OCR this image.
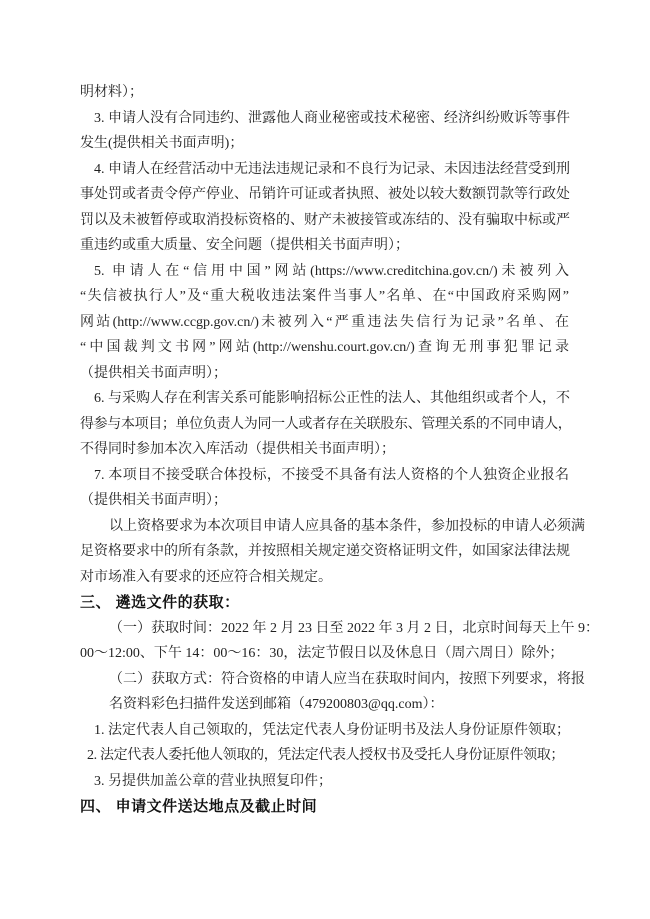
明材料）；
3. 申请人没有合同违约、泄露他人商业秘密或技术秘密、经济纠纷败诉等事件
发生(提供相关书面声明)；
4. 申请人在经营活动中无违法违规记录和不良行为记录、未因违法经营受到刑
事处罚或者责令停产停业、吊销许可证或者执照、被处以较大数额罚款等行政处
罚以及未被暂停或取消投标资格的、财产未被接管或冻结的、没有骗取中标或严
重违约或重大质量、安全问题（提供相关书面声明）；
5. 申请人在“信用中国”网站(https://www.creditchina.gov.cn/)未被列入
“失信被执行人”及“重大税收违法案件当事人”名单、在“中国政府采购网”
网站(http://www.ccgp.gov.cn/)未被列入“严重违法失信行为记录”名单、在
“中国裁判文书网”网站(http://wenshu.court.gov.cn/)查询无刑事犯罪记录
（提供相关书面声明）；
6. 与采购人存在利害关系可能影响招标公正性的法人、其他组织或者个人，不
得参与本项目；单位负责人为同一人或者存在关联股东、管理关系的不同申请人，
不得同时参加本次入库活动（提供相关书面声明）；
7. 本项目不接受联合体投标，不接受不具备有法人资格的个人独资企业报名
（提供相关书面声明）；
以上资格要求为本次项目申请人应具备的基本条件，参加投标的申请人必须满
足资格要求中的所有条款，并按照相关规定递交资格证明文件，如国家法律法规
对市场准入有要求的还应符合相关规定。
三、 遴选文件的获取：
（一）获取时间：2022 年 2 月 23 日至 2022 年 3 月 2 日，北京时间每天上午 9：
00～12:00、下午 14：00～16：30，法定节假日以及休息日（周六周日）除外；
（二）获取方式：符合资格的申请人应当在获取时间内，按照下列要求，将报
名资料彩色扫描件发送到邮箱（479200803@qq.com）：
1. 法定代表人自己领取的，凭法定代表人身份证明书及法人身份证原件领取；
2. 法定代表人委托他人领取的，凭法定代表人授权书及受托人身份证原件领取；
3. 另提供加盖公章的营业执照复印件；
四、 申请文件送达地点及截止时间
